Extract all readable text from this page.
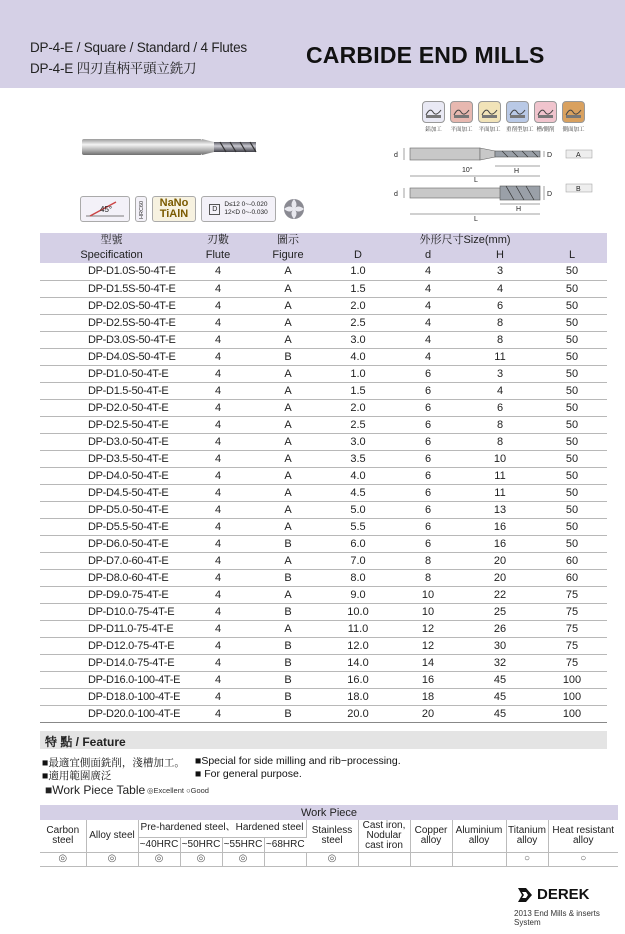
DP-4-E / Square / Standard / 4 Flutes
DP-4-E 四刃直柄平頭立銑刀
CARBIDE END MILLS
鋁加工	平面加工 平面加工 重削型加工 槽/側削	側面加工
d	D
10°	H
L
A
d	D
H
L
B
45°	HRC60 NaNo
TiAlN	D
D≤12 0~-0.020
12<D 0~-0.030
型號	刃數	圖示		外形尺寸Size(mm)		
Specification	Flute	Figure	D	d	H	L
DP-D1.0S-50-4T-E	4	A	1.0	4	3	50
DP-D1.5S-50-4T-E	4	A	1.5	4	4	50
DP-D2.0S-50-4T-E	4	A	2.0	4	6	50
DP-D2.5S-50-4T-E	4	A	2.5	4	8	50
DP-D3.0S-50-4T-E	4	A	3.0	4	8	50
DP-D4.0S-50-4T-E	4	B	4.0	4	11	50
DP-D1.0-50-4T-E	4	A	1.0	6	3	50
DP-D1.5-50-4T-E	4	A	1.5	6	4	50
DP-D2.0-50-4T-E	4	A	2.0	6	6	50
DP-D2.5-50-4T-E	4	A	2.5	6	8	50
DP-D3.0-50-4T-E	4	A	3.0	6	8	50
DP-D3.5-50-4T-E	4	A	3.5	6	10	50
DP-D4.0-50-4T-E	4	A	4.0	6	11	50
DP-D4.5-50-4T-E	4	A	4.5	6	11	50
DP-D5.0-50-4T-E	4	A	5.0	6	13	50
DP-D5.5-50-4T-E	4	A	5.5	6	16	50
DP-D6.0-50-4T-E	4	B	6.0	6	16	50
DP-D7.0-60-4T-E	4	A	7.0	8	20	60
DP-D8.0-60-4T-E	4	B	8.0	8	20	60
DP-D9.0-75-4T-E	4	A	9.0	10	22	75
DP-D10.0-75-4T-E	4	B	10.0	10	25	75
DP-D11.0-75-4T-E	4	A	11.0	12	26	75
DP-D12.0-75-4T-E	4	B	12.0	12	30	75
DP-D14.0-75-4T-E	4	B	14.0	14	32	75
DP-D16.0-100-4T-E	4	B	16.0	16	45	100
DP-D18.0-100-4T-E	4	B	18.0	18	45	100
DP-D20.0-100-4T-E	4	B	20.0	20	45	100
特 點 / Feature
■最適宜側面銑削，淺槽加工。
■適用範圍廣泛
■Special for side milling and rib−processing.
■ For general purpose.
■Work Piece Table ◎Excellent ○Good
Work Piece											
Carbon steel	Alloy steel	Pre-hardened steel、Hardened steel				Stainless steel	Cast iron, Nodular cast iron	Copper alloy	Aluminium alloy	Titanium alloy	Heat resistant alloy
		~40HRC	~50HRC	~55HRC	~68HRC						
◎	◎	◎	◎	◎		◎				○	○
DEREK
2013 End Mills & inserts System
